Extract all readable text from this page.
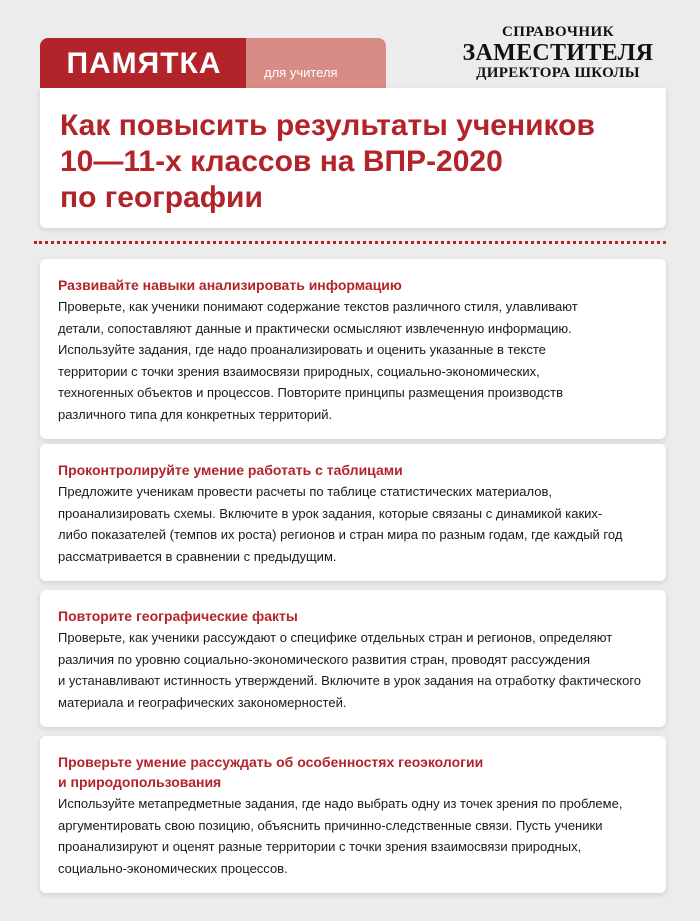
ПАМЯТКА	для учителя
СПРАВОЧНИК
ЗАМЕСТИТЕЛЯ
ДИРЕКТОРА ШКОЛЫ
Как повысить результаты учеников
10—11-х классов на ВПР-2020
по географии
Развивайте навыки анализировать информацию

Проверьте, как ученики понимают содержание текстов различного стиля, улавливают
детали, сопоставляют данные и практически осмысляют извлеченную информацию.
Используйте задания, где надо проанализировать и оценить указанные в тексте
территории с точки зрения взаимосвязи природных, социально-экономических,
техногенных объектов и процессов. Повторите принципы размещения производств
различного типа для конкретных территорий.

Проконтролируйте умение работать с таблицами

Предложите ученикам провести расчеты по таблице статистических материалов,
проанализировать схемы. Включите в урок задания, которые связаны с динамикой каких-
либо показателей (темпов их роста) регионов и стран мира по разным годам, где каждый год
рассматривается в сравнении с предыдущим.

Повторите географические факты

Проверьте, как ученики рассуждают о специфике отдельных стран и регионов, определяют
различия по уровню социально-экономического развития стран, проводят рассуждения
и устанавливают истинность утверждений. Включите в урок задания на отработку фактического
материала и географических закономерностей.

Проверьте умение рассуждать об особенностях геоэкологии
и природопользования

Используйте метапредметные задания, где надо выбрать одну из точек зрения по проблеме,
аргументировать свою позицию, объяснить причинно-следственные связи. Пусть ученики
проанализируют и оценят разные территории с точки зрения взаимосвязи природных,
социально-экономических процессов.
